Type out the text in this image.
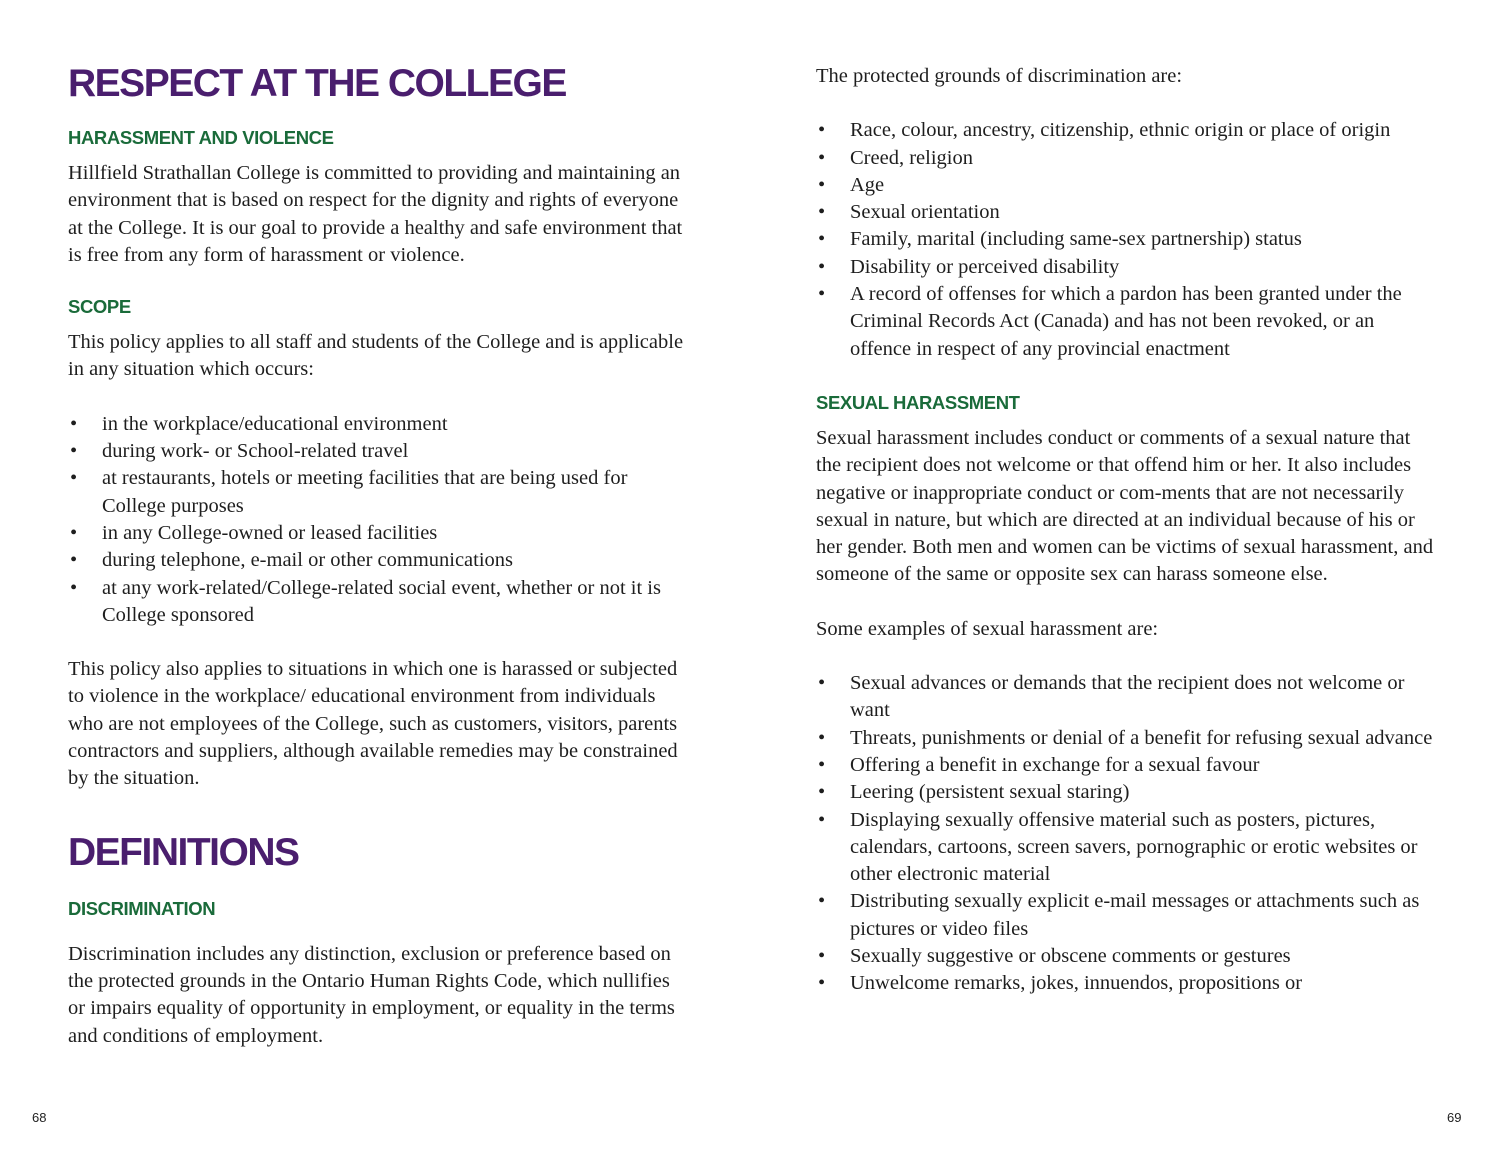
RESPECT AT THE COLLEGE
HARASSMENT AND VIOLENCE

Hillfield Strathallan College is committed to providing and maintaining an environment that is based on respect for the dignity and rights of everyone at the College. It is our goal to provide a healthy and safe environment that is free from any form of harassment or violence.

SCOPE

This policy applies to all staff and students of the College and is applicable in any situation which occurs:

• in the workplace/educational environment
• during work- or School-related travel
• at restaurants, hotels or meeting facilities that are being used for College purposes
• in any College-owned or leased facilities
• during telephone, e-mail or other communications
• at any work-related/College-related social event, whether or not it is College sponsored

This policy also applies to situations in which one is harassed or subjected to violence in the workplace/ educational environment from individuals who are not employees of the College, such as customers, visitors, parents contractors and suppliers, although available remedies may be constrained by the situation.

DEFINITIONS
DISCRIMINATION

Discrimination includes any distinction, exclusion or preference based on the protected grounds in the Ontario Human Rights Code, which nullifies or impairs equality of opportunity in employment, or equality in the terms and conditions of employment.

The protected grounds of discrimination are:

• Race, colour, ancestry, citizenship, ethnic origin or place of origin
• Creed, religion
• Age
• Sexual orientation
• Family, marital (including same-sex partnership) status
• Disability or perceived disability
• A record of offenses for which a pardon has been granted under the Criminal Records Act (Canada) and has not been revoked, or an offence in respect of any provincial enactment
SEXUAL HARASSMENT

Sexual harassment includes conduct or comments of a sexual nature that the recipient does not welcome or that offend him or her. It also includes negative or inappropriate conduct or com-ments that are not necessarily sexual in nature, but which are directed at an individual because of his or her gender. Both men and women can be victims of sexual harassment, and someone of the same or opposite sex can harass someone else.

Some examples of sexual harassment are:

• Sexual advances or demands that the recipient does not welcome or want
• Threats, punishments or denial of a benefit for refusing sexual advance
• Offering a benefit in exchange for a sexual favour
• Leering (persistent sexual staring)
• Displaying sexually offensive material such as posters, pictures, calendars, cartoons, screen savers, pornographic or erotic websites or other electronic material
• Distributing sexually explicit e-mail messages or attachments such as pictures or video files
• Sexually suggestive or obscene comments or gestures
• Unwelcome remarks, jokes, innuendos, propositions or
68	69
